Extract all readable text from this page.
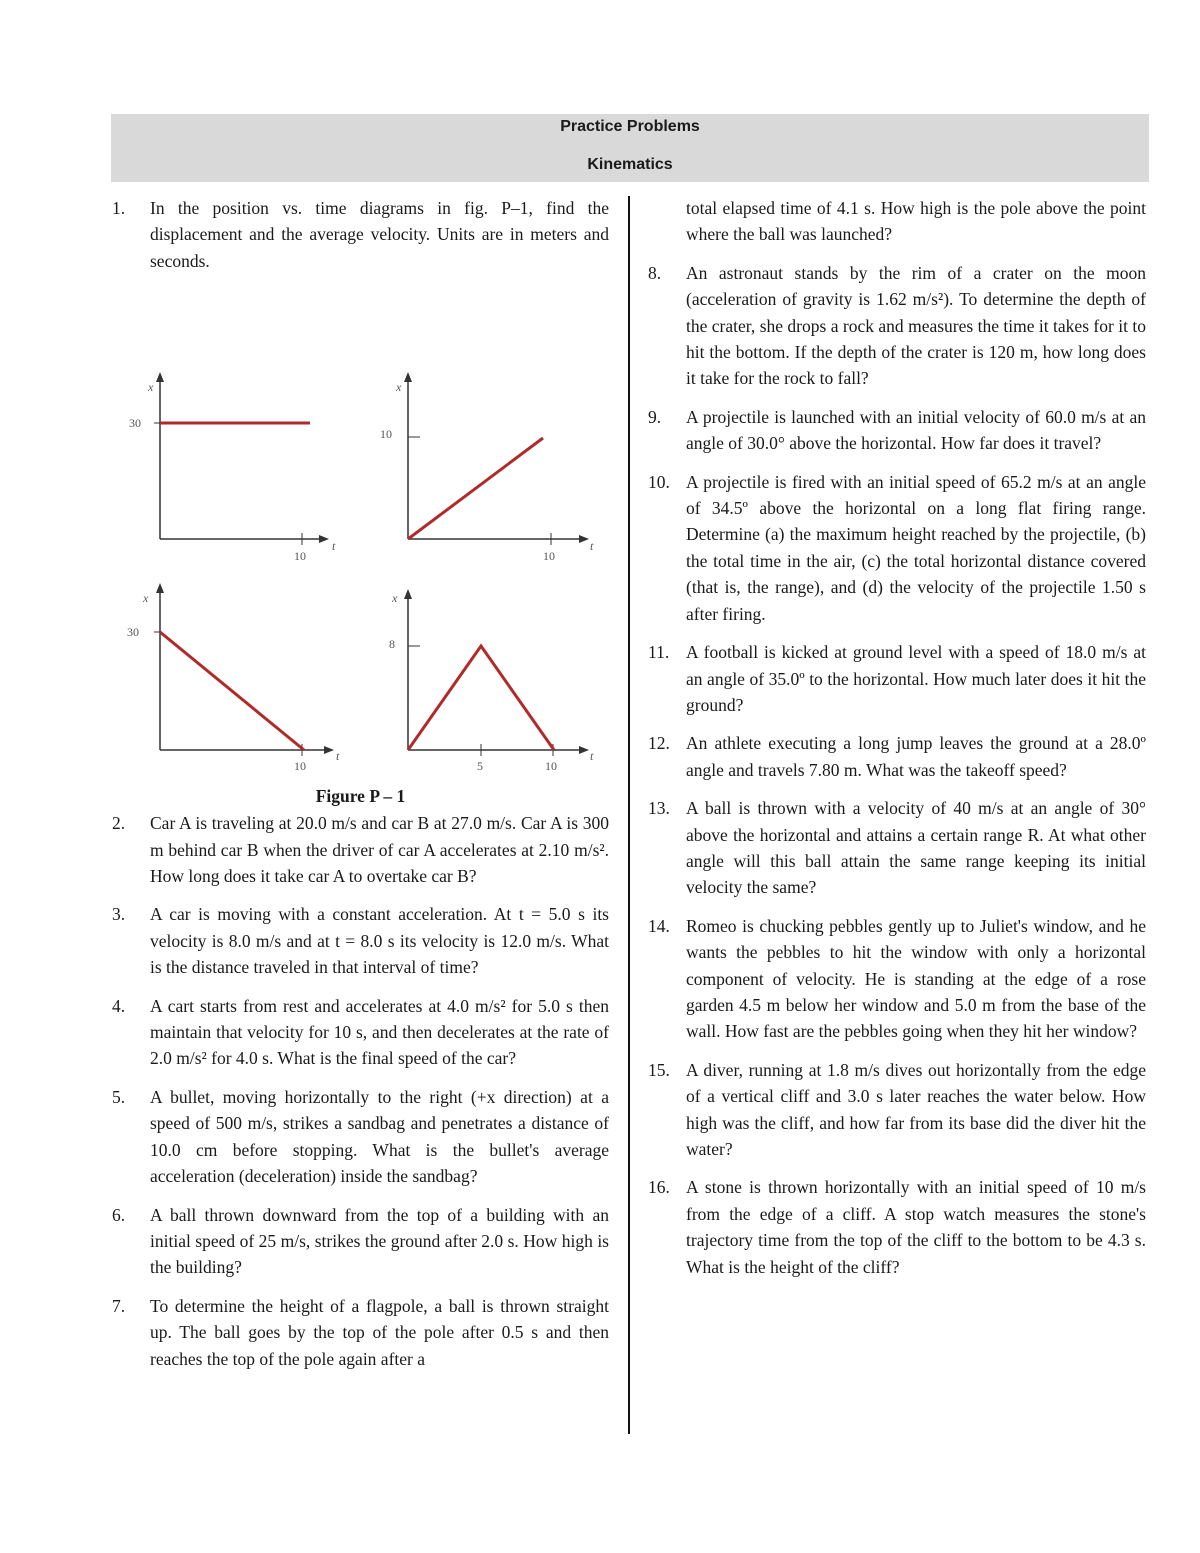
Practice Problems
Kinematics
1. In the position vs. time diagrams in fig. P–1, find the displacement and the average velocity. Units are in meters and seconds.
x
t
30
10
x
t
10
10
x
t
30
10
x
t
8
5	10
Figure P – 1
2. Car A is traveling at 20.0 m/s and car B at 27.0 m/s. Car A is 300 m behind car B when the driver of car A accelerates at 2.10 m/s². How long does it take car A to overtake car B?
3. A car is moving with a constant acceleration. At t = 5.0 s its velocity is 8.0 m/s and at t = 8.0 s its velocity is 12.0 m/s. What is the distance traveled in that interval of time?
4. A cart starts from rest and accelerates at 4.0 m/s² for 5.0 s then maintain that velocity for 10 s, and then decelerates at the rate of 2.0 m/s² for 4.0 s. What is the final speed of the car?
5. A bullet, moving horizontally to the right (+x direction) at a speed of 500 m/s, strikes a sandbag and penetrates a distance of 10.0 cm before stopping. What is the bullet's average acceleration (deceleration) inside the sandbag?
6. A ball thrown downward from the top of a building with an initial speed of 25 m/s, strikes the ground after 2.0 s. How high is the building?
7. To determine the height of a flagpole, a ball is thrown straight up. The ball goes by the top of the pole after 0.5 s and then reaches the top of the pole again after a
total elapsed time of 4.1 s. How high is the pole above the point where the ball was launched?
8. An astronaut stands by the rim of a crater on the moon (acceleration of gravity is 1.62 m/s²). To determine the depth of the crater, she drops a rock and measures the time it takes for it to hit the bottom. If the depth of the crater is 120 m, how long does it take for the rock to fall?
9. A projectile is launched with an initial velocity of 60.0 m/s at an angle of 30.0° above the horizontal. How far does it travel?
10. A projectile is fired with an initial speed of 65.2 m/s at an angle of 34.5º above the horizontal on a long flat firing range. Determine (a) the maximum height reached by the projectile, (b) the total time in the air, (c) the total horizontal distance covered (that is, the range), and (d) the velocity of the projectile 1.50 s after firing.
11. A football is kicked at ground level with a speed of 18.0 m/s at an angle of 35.0º to the horizontal. How much later does it hit the ground?
12. An athlete executing a long jump leaves the ground at a 28.0º angle and travels 7.80 m. What was the takeoff speed?
13. A ball is thrown with a velocity of 40 m/s at an angle of 30° above the horizontal and attains a certain range R. At what other angle will this ball attain the same range keeping its initial velocity the same?
14. Romeo is chucking pebbles gently up to Juliet's window, and he wants the pebbles to hit the window with only a horizontal component of velocity. He is standing at the edge of a rose garden 4.5 m below her window and 5.0 m from the base of the wall. How fast are the pebbles going when they hit her window?
15. A diver, running at 1.8 m/s dives out horizontally from the edge of a vertical cliff and 3.0 s later reaches the water below. How high was the cliff, and how far from its base did the diver hit the water?
16. A stone is thrown horizontally with an initial speed of 10 m/s from the edge of a cliff. A stop watch measures the stone's trajectory time from the top of the cliff to the bottom to be 4.3 s. What is the height of the cliff?
